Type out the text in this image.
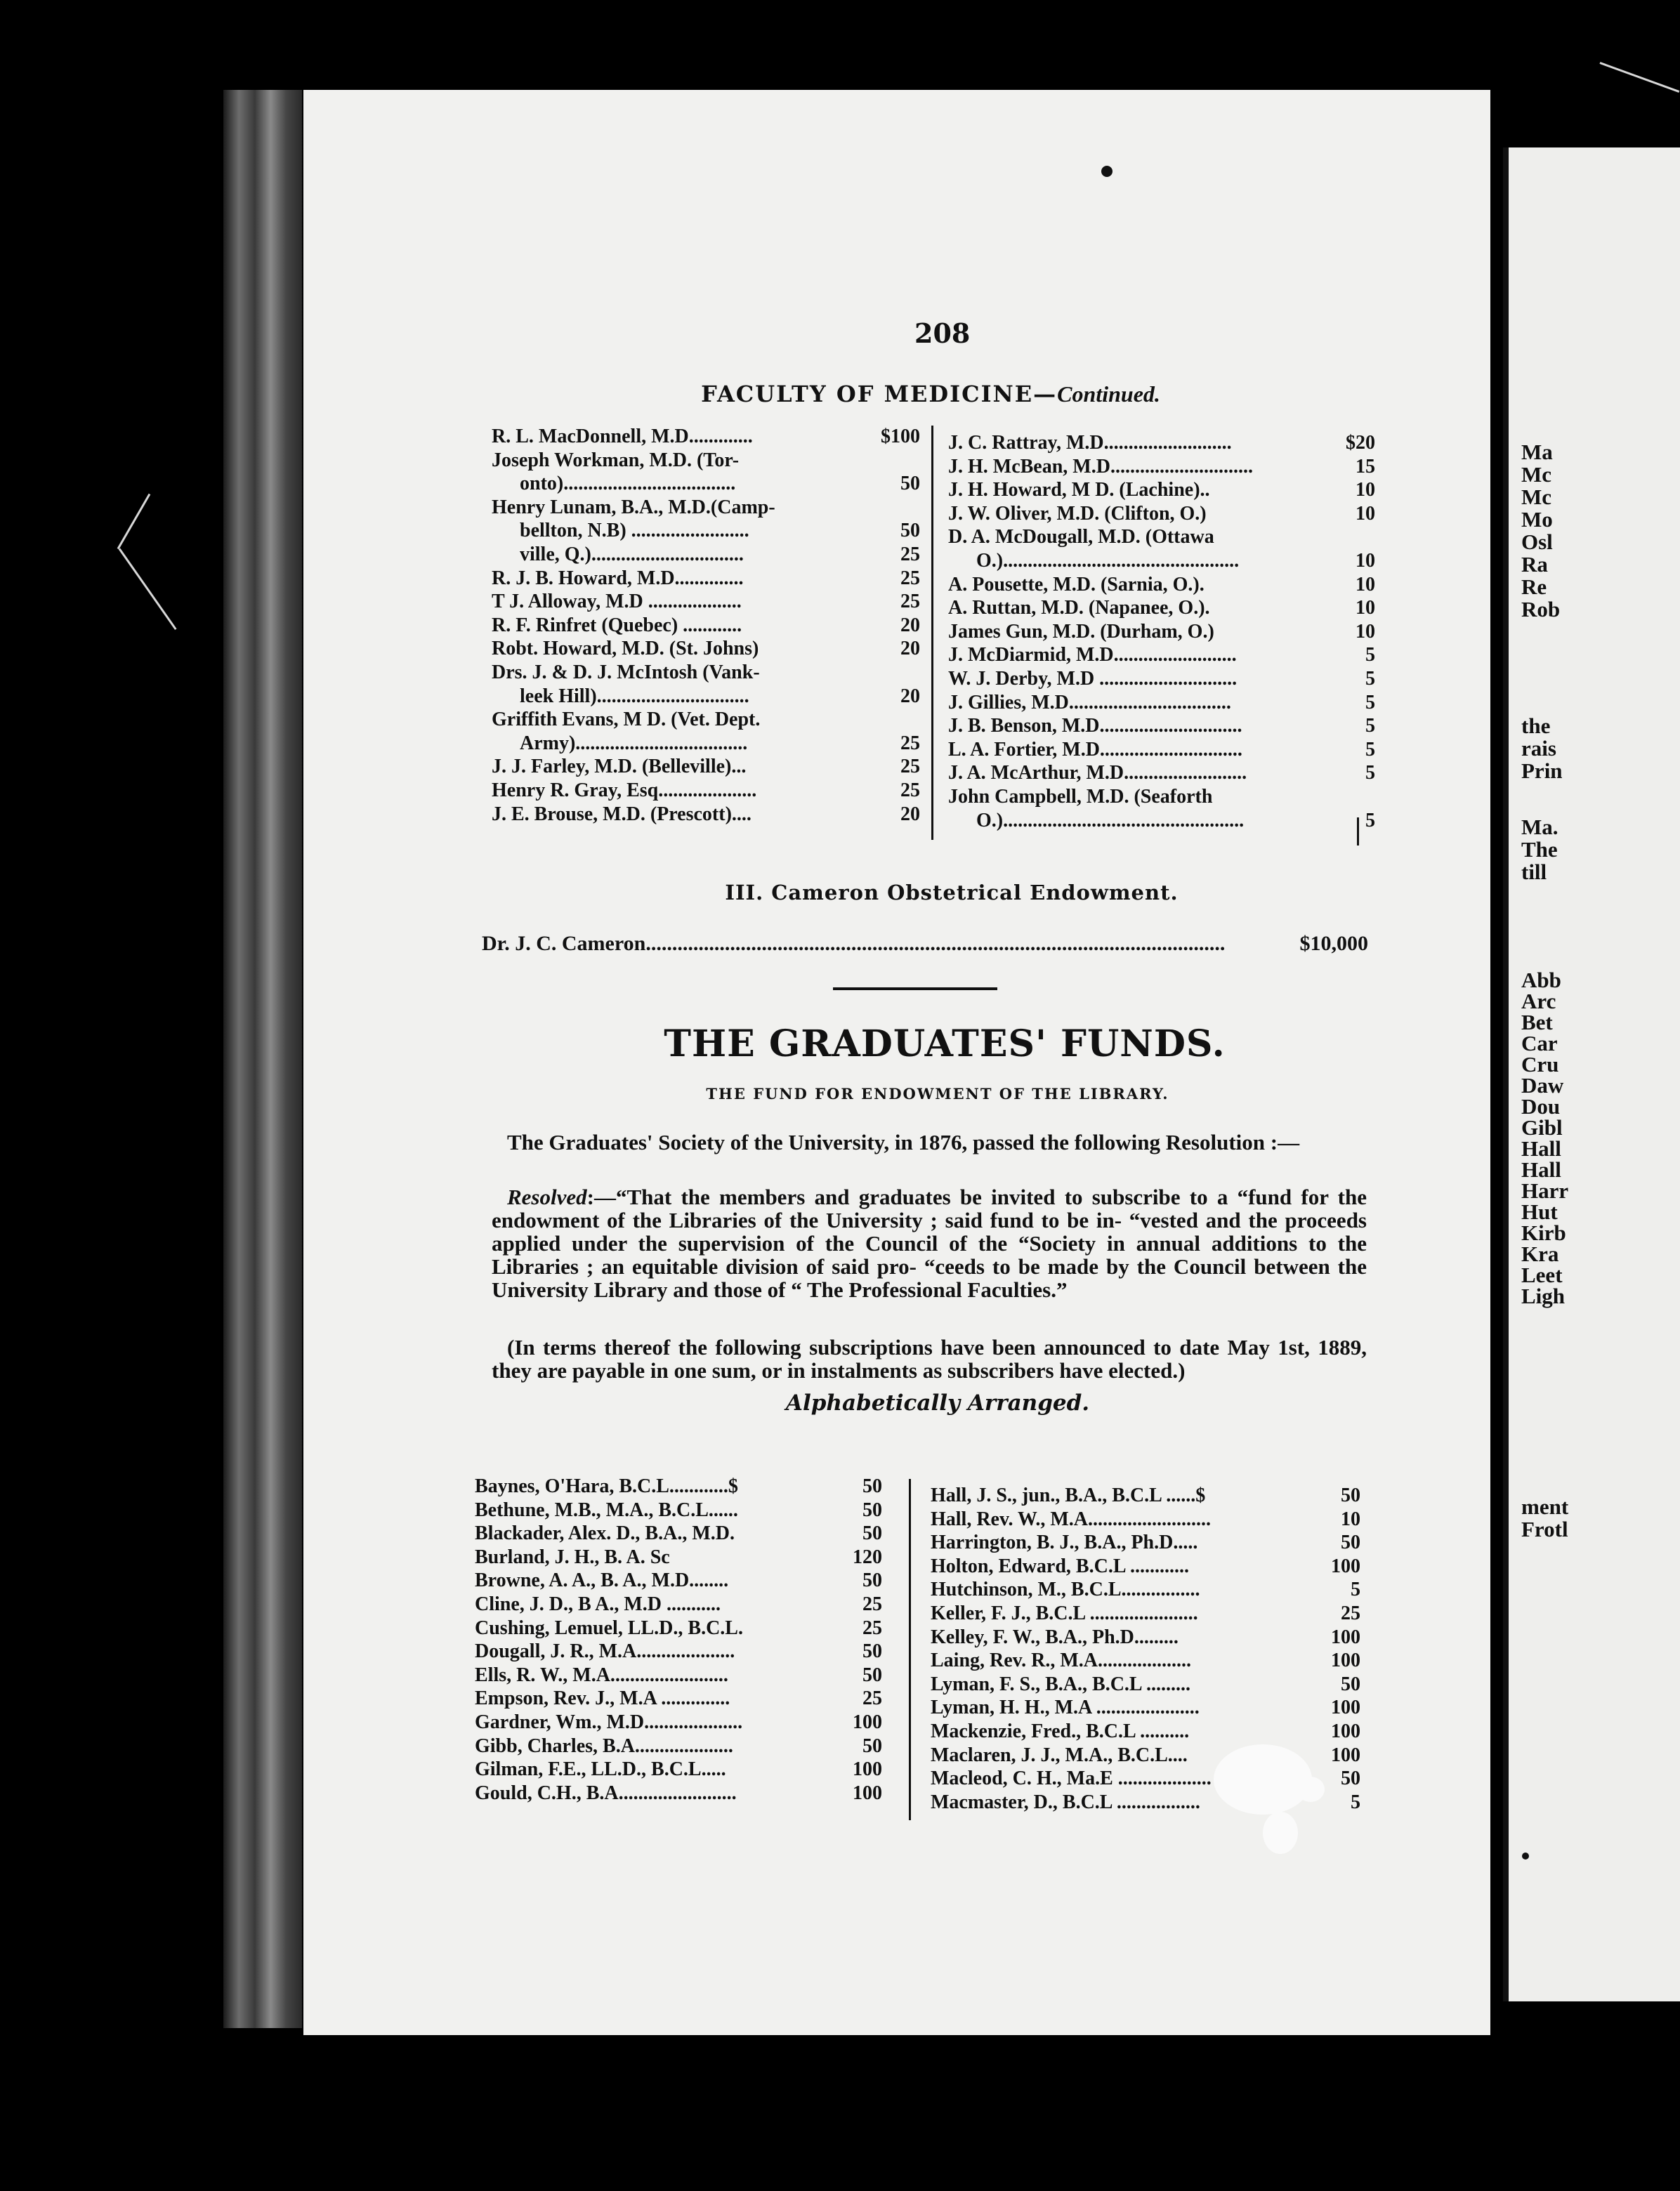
Ma
Mc
Mc
Mo
Osl
Ra
Re
Rob
the
rais
Prin
Ma.
The
till
Abb
Arc
Bet
Car
Cru
Daw
Dou
Gibl
Hall
Hall
Harr
Hut
Kirb
Kra
Leet
Ligh
ment
Frotl
208
FACULTY OF MEDICINE—Continued.
R. L. MacDonnell, M.D.............	$100
Joseph Workman, M.D. (Tor-
onto)...................................	50
Henry Lunam, B.A., M.D.(Camp-
bellton, N.B) ........................	50
ville, Q.)...............................	25
R. J. B. Howard, M.D..............	25
T J. Alloway, M.D ...................	25
R. F. Rinfret (Quebec) ............	20
Robt. Howard, M.D. (St. Johns)	20
Drs. J. & D. J. McIntosh (Vank-
leek Hill)...............................	20
Griffith Evans, M D. (Vet. Dept.
Army)...................................	25
J. J. Farley, M.D. (Belleville)...	25
Henry R. Gray, Esq....................	25
J. E. Brouse, M.D. (Prescott)....	20
J. C. Rattray, M.D..........................	$20
J. H. McBean, M.D.............................	15
J. H. Howard, M D. (Lachine)..	10
J. W. Oliver, M.D. (Clifton, O.)	10
D. A. McDougall, M.D. (Ottawa
O.)................................................	10
A. Pousette, M.D. (Sarnia, O.).	10
A. Ruttan, M.D. (Napanee, O.).	10
James Gun, M.D. (Durham, O.)	10
J. McDiarmid, M.D.........................	5
W. J. Derby, M.D ............................	5
J. Gillies, M.D.................................	5
J. B. Benson, M.D.............................	5
L. A. Fortier, M.D.............................	5
J. A. McArthur, M.D.........................	5
John Campbell, M.D. (Seaforth
O.).................................................	5
III. Cameron Obstetrical Endowment.
Dr. J. C. Cameron..............................................................................................................	$10,000
THE GRADUATES' FUNDS.
THE FUND FOR ENDOWMENT OF THE LIBRARY.
The Graduates' Society of the University, in 1876, passed the following Resolution :—
Resolved:—“That the members and graduates be invited to subscribe to a “fund for the endowment of the Libraries of the University ; said fund to be in- “vested and the proceeds applied under the supervision of the Council of the “Society in annual additions to the Libraries ; an equitable division of said pro- “ceeds to be made by the Council between the University Library and those of “ The Professional Faculties.”
(In terms thereof the following subscriptions have been announced to date May 1st, 1889, they are payable in one sum, or in instalments as subscribers have elected.)
Alphabetically Arranged.
Baynes, O'Hara, B.C.L............$	50
Bethune, M.B., M.A., B.C.L......	50
Blackader, Alex. D., B.A., M.D.	50
Burland, J. H., B. A. Sc	120
Browne, A. A., B. A., M.D........	50
Cline, J. D., B A., M.D ...........	25
Cushing, Lemuel, LL.D., B.C.L.	25
Dougall, J. R., M.A....................	50
Ells, R. W., M.A........................	50
Empson, Rev. J., M.A ..............	25
Gardner, Wm., M.D....................	100
Gibb, Charles, B.A....................	50
Gilman, F.E., LL.D., B.C.L.....	100
Gould, C.H., B.A........................	100
Hall, J. S., jun., B.A., B.C.L ......$	50
Hall, Rev. W., M.A.........................	10
Harrington, B. J., B.A., Ph.D.....	50
Holton, Edward, B.C.L ............	100
Hutchinson, M., B.C.L................	5
Keller, F. J., B.C.L ......................	25
Kelley, F. W., B.A., Ph.D.........	100
Laing, Rev. R., M.A...................	100
Lyman, F. S., B.A., B.C.L .........	50
Lyman, H. H., M.A .....................	100
Mackenzie, Fred., B.C.L ..........	100
Maclaren, J. J., M.A., B.C.L....	100
Macleod, C. H., Ma.E ...................	50
Macmaster, D., B.C.L .................	5
